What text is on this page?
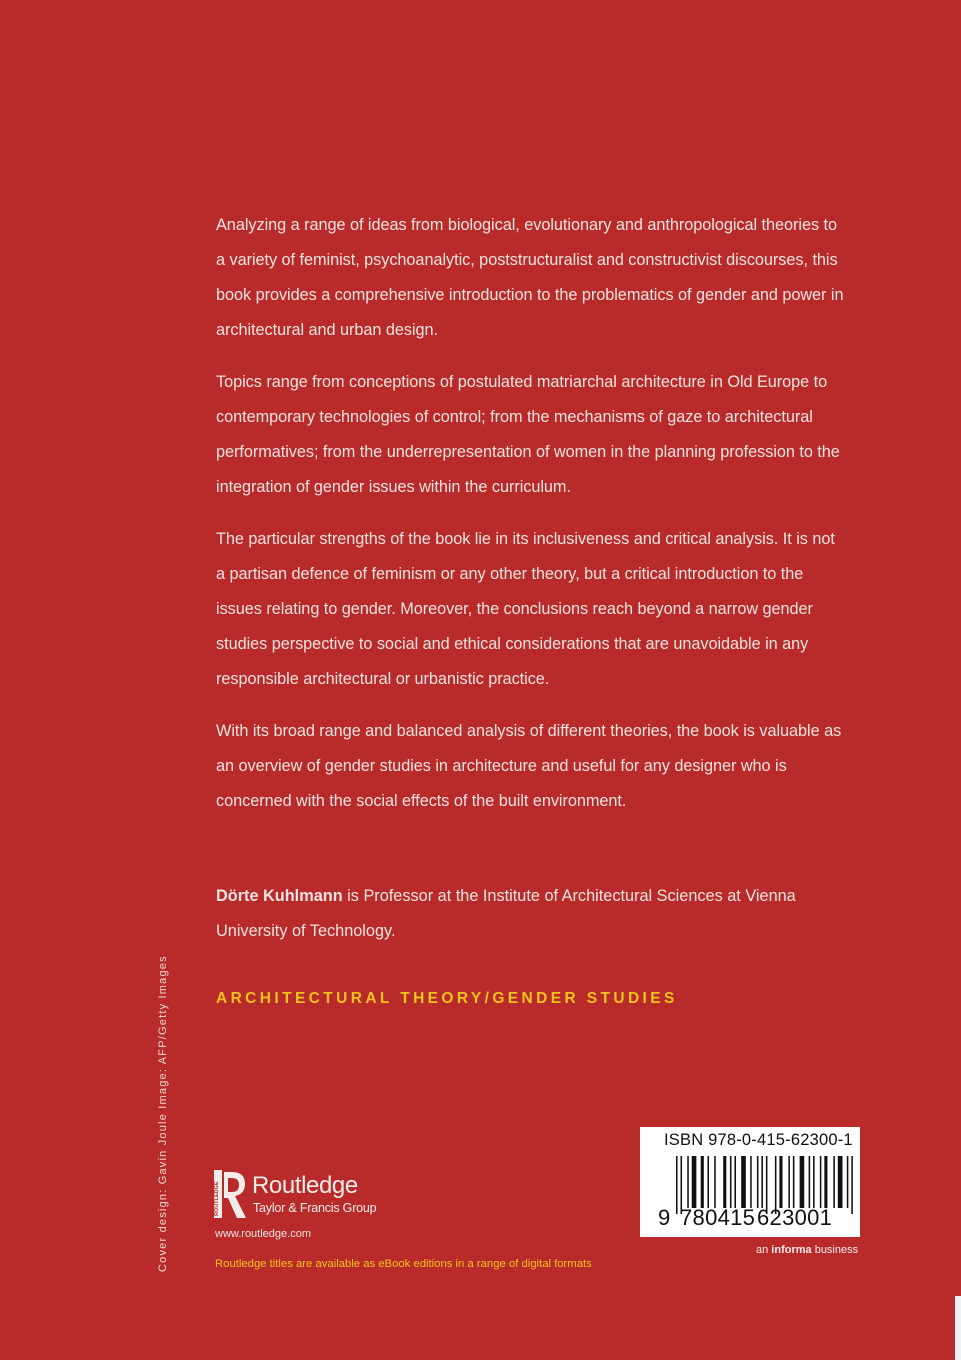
Analyzing a range of ideas from biological, evolutionary and anthropological theories to a variety of feminist, psychoanalytic, poststructuralist and constructivist discourses, this book provides a comprehensive introduction to the problematics of gender and power in architectural and urban design.

Topics range from conceptions of postulated matriarchal architecture in Old Europe to contemporary technologies of control; from the mechanisms of gaze to architectural performatives; from the underrepresentation of women in the planning profession to the integration of gender issues within the curriculum.

The particular strengths of the book lie in its inclusiveness and critical analysis. It is not a partisan defence of feminism or any other theory, but a critical introduction to the issues relating to gender. Moreover, the conclusions reach beyond a narrow gender studies perspective to social and ethical considerations that are unavoidable in any responsible architectural or urbanistic practice.

With its broad range and balanced analysis of different theories, the book is valuable as an overview of gender studies in architecture and useful for any designer who is concerned with the social effects of the built environment.

Dörte Kuhlmann is Professor at the Institute of Architectural Sciences at Vienna University of Technology.

ARCHITECTURAL THEORY/GENDER STUDIES
Cover design: Gavin Joule Image: AFP/Getty Images	ROUTLEDGE Routledge
Taylor & Francis Group
www.routledge.com
Routledge titles are available as eBook editions in a range of digital formats
ISBN 978-0-415-62300-1
9 780415 623001
an informa business
